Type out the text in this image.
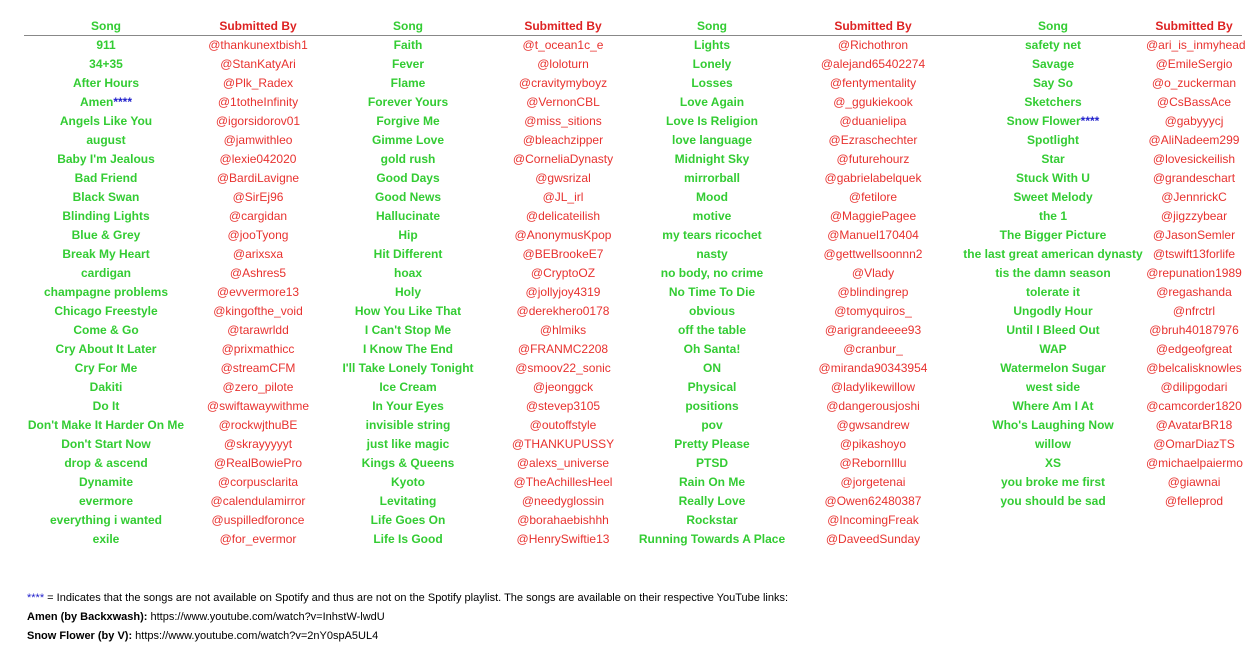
Song	Submitted By	Song	Submitted By	Song	Submitted By	Song	Submitted By
911	@thankunextbish1	Faith	@t_ocean1c_e	Lights	@Richothron	safety net	@ari_is_inmyhead
34+35	@StanKatyAri	Fever	@loloturn	Lonely	@alejand65402274	Savage	@EmileSergio
After Hours	@Plk_Radex	Flame	@cravitymyboyz	Losses	@fentymentality	Say So	@o_zuckerman
Amen****	@1totheInfinity	Forever Yours	@VernonCBL	Love Again	@_ggukiekook	Sketchers	@CsBassAce
Angels Like You	@igorsidorov01	Forgive Me	@miss_sitions	Love Is Religion	@duanielipa	Snow Flower****	@gabyyycj
august	@jamwithleo	Gimme Love	@bleachzipper	love language	@Ezraschechter	Spotlight	@AliNadeem299
Baby I'm Jealous	@lexie042020	gold rush	@CorneliaDynasty	Midnight Sky	@futurehourz	Star	@lovesickeilish
Bad Friend	@BardiLavigne	Good Days	@gwsrizal	mirrorball	@gabrielabelquek	Stuck With U	@grandeschart
Black Swan	@SirEj96	Good News	@JL_irl	Mood	@fetilore	Sweet Melody	@JennrickC
Blinding Lights	@cargidan	Hallucinate	@delicateilish	motive	@MaggiePagee	the 1	@jigzzybear
Blue & Grey	@jooTyong	Hip	@AnonymusKpop	my tears ricochet	@Manuel170404	The Bigger Picture	@JasonSemler
Break My Heart	@arixsxa	Hit Different	@BEBrookeE7	nasty	@gettwellsoonnn2	the last great american dynasty @tswift13forlife
cardigan	@Ashres5	hoax	@CryptoOZ	no body, no crime	@Vlady	tis the damn season	@repunation1989
champagne problems	@evvermore13	Holy	@jollyjoy4319	No Time To Die	@blindingrep	tolerate it	@regashanda
Chicago Freestyle	@kingofthe_void	How You Like That	@derekhero0178	obvious	@tomyquiros_	Ungodly Hour	@nfrctrl
Come & Go	@tarawrldd	I Can't Stop Me	@hlmiks	off the table	@arigrandeeee93	Until I Bleed Out	@bruh40187976
Cry About It Later	@prixmathicc	I Know The End	@FRANMC2208	Oh Santa!	@cranbur_	WAP	@edgeofgreat
Cry For Me	@streamCFM	I'll Take Lonely Tonight	@smoov22_sonic	ON	@miranda90343954	Watermelon Sugar	@belcalisknowles
Dakiti	@zero_pilote	Ice Cream	@jeonggck	Physical	@ladylikewillow	west side	@dilipgodari
Do It	@swiftawaywithme	In Your Eyes	@stevep3105	positions	@dangerousjoshi	Where Am I At	@camcorder1820
Don't Make It Harder On Me	@rockwjthuBE	invisible string	@outoffstyle	pov	@gwsandrew	Who's Laughing Now	@AvatarBR18
Don't Start Now	@skrayyyyyt	just like magic	@THANKUPUSSY	Pretty Please	@pikashoyo	willow	@OmarDiazTS
drop & ascend	@RealBowiePro	Kings & Queens	@alexs_universe	PTSD	@RebornIllu	XS	@michaelpaiermo
Dynamite	@corpusclarita	Kyoto	@TheAchillesHeel	Rain On Me	@jorgetenai	you broke me first	@giawnai
evermore	@calendulamirror	Levitating	@needyglossin	Really Love	@Owen62480387	you should be sad	@felleprod
everything i wanted	@uspilledforonce	Life Goes On	@borahaebishhh	Rockstar	@IncomingFreak
exile	@for_evermor	Life Is Good	@HenrySwiftie13	Running Towards A Place	@DaveedSunday
**** = Indicates that the songs are not available on Spotify and thus are not on the Spotify playlist. The songs are available on their respective YouTube links:
Amen (by Backxwash): https://www.youtube.com/watch?v=InhstW-lwdU
Snow Flower (by V): https://www.youtube.com/watch?v=2nY0spA5UL4
